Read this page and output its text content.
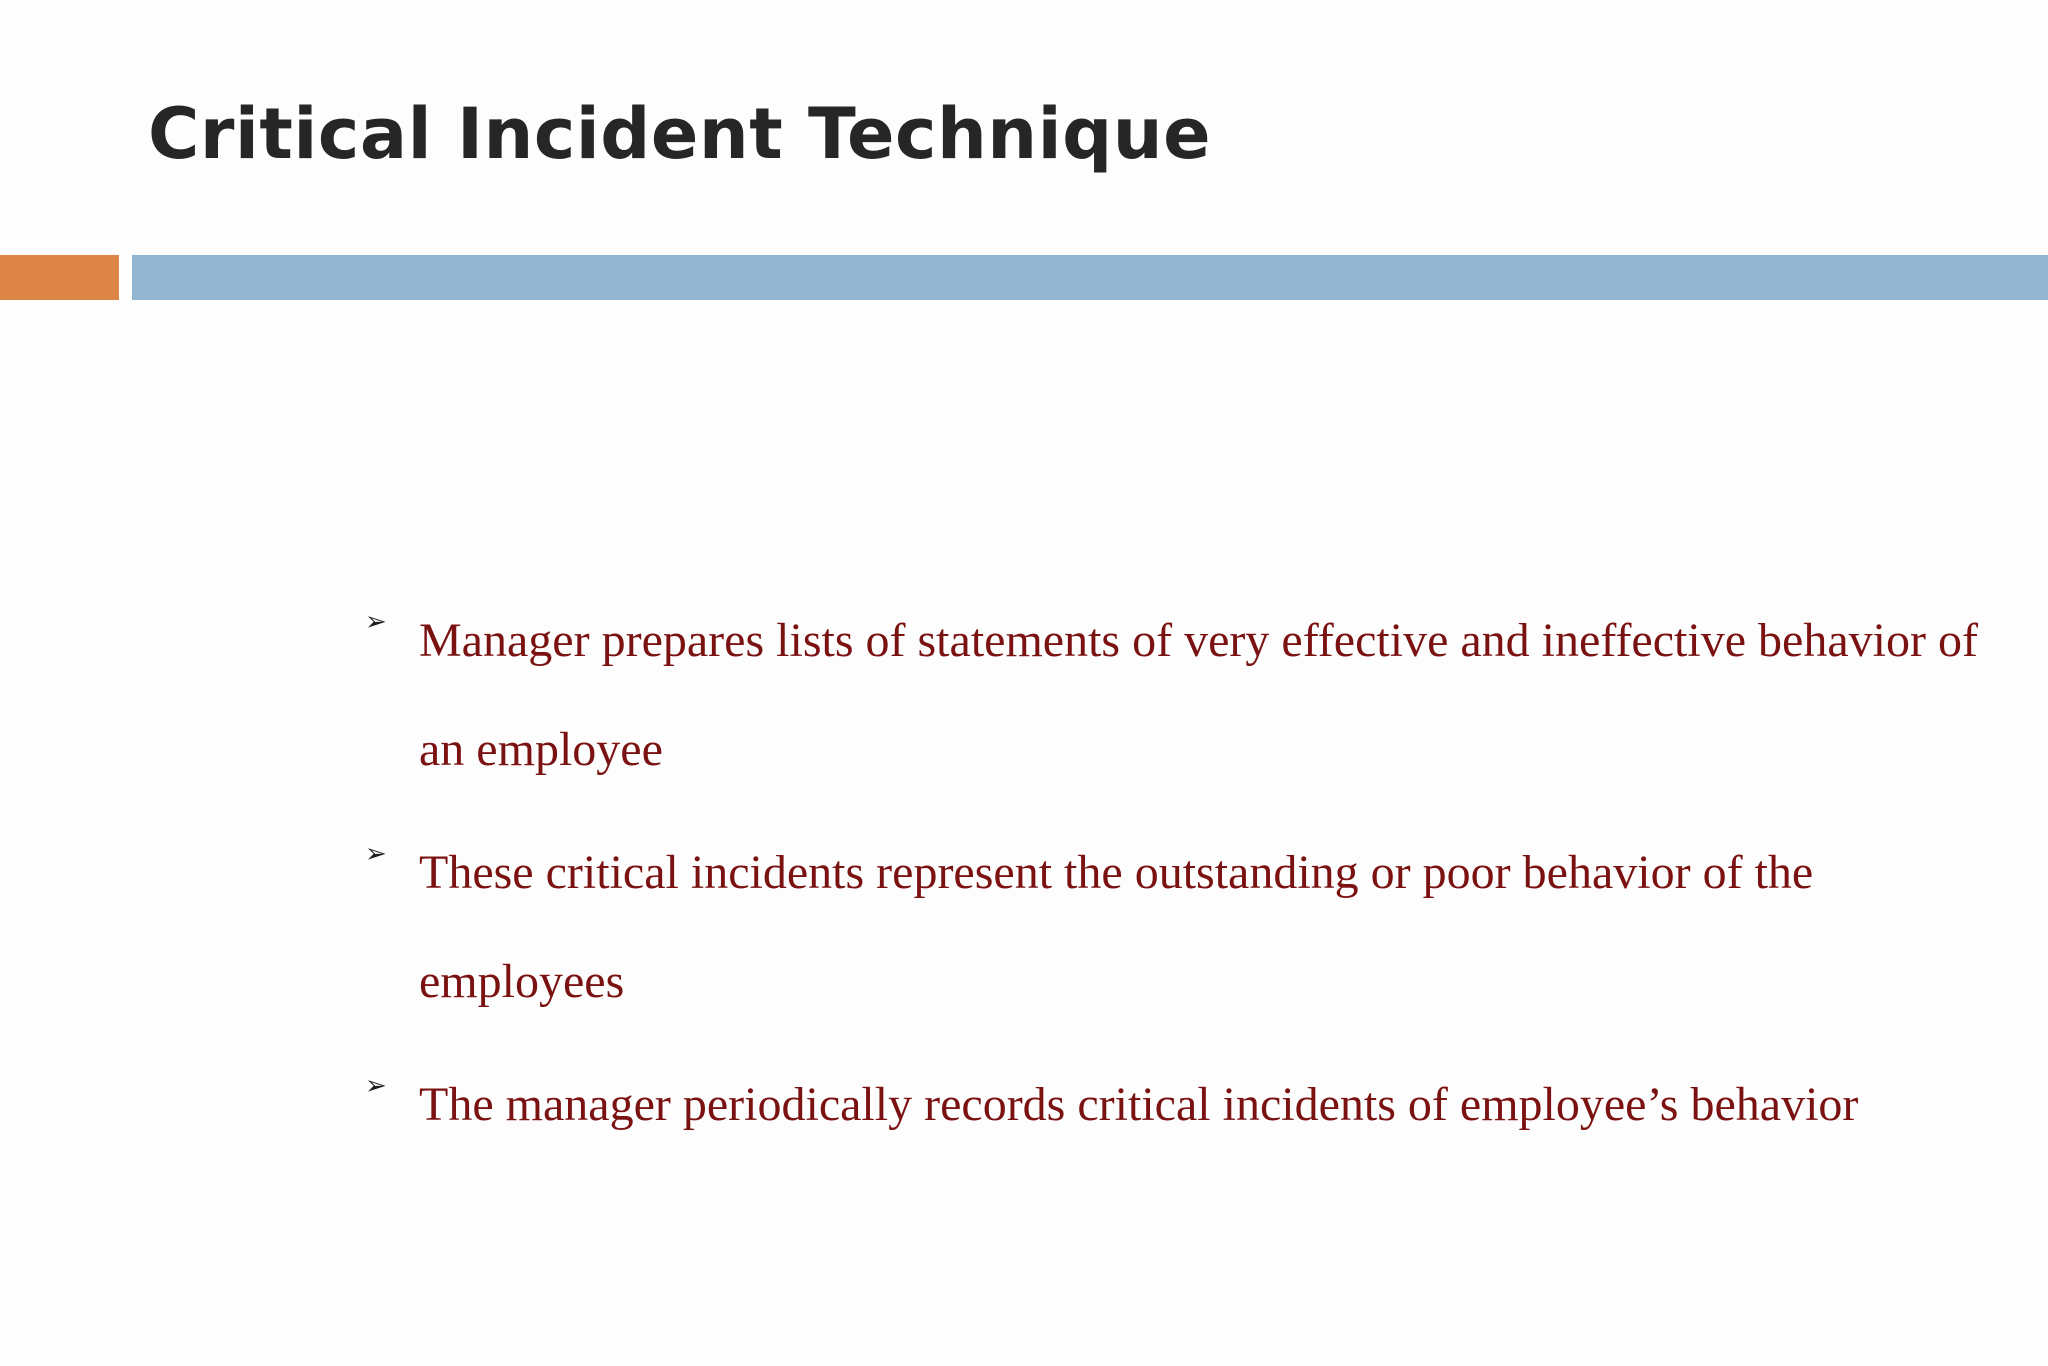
Critical Incident Technique
➢ Manager prepares lists of statements of very effective and ineffective behavior of an employee
➢ These critical incidents represent the outstanding or poor behavior of the employees
➢ The manager periodically records critical incidents of employee’s behavior
